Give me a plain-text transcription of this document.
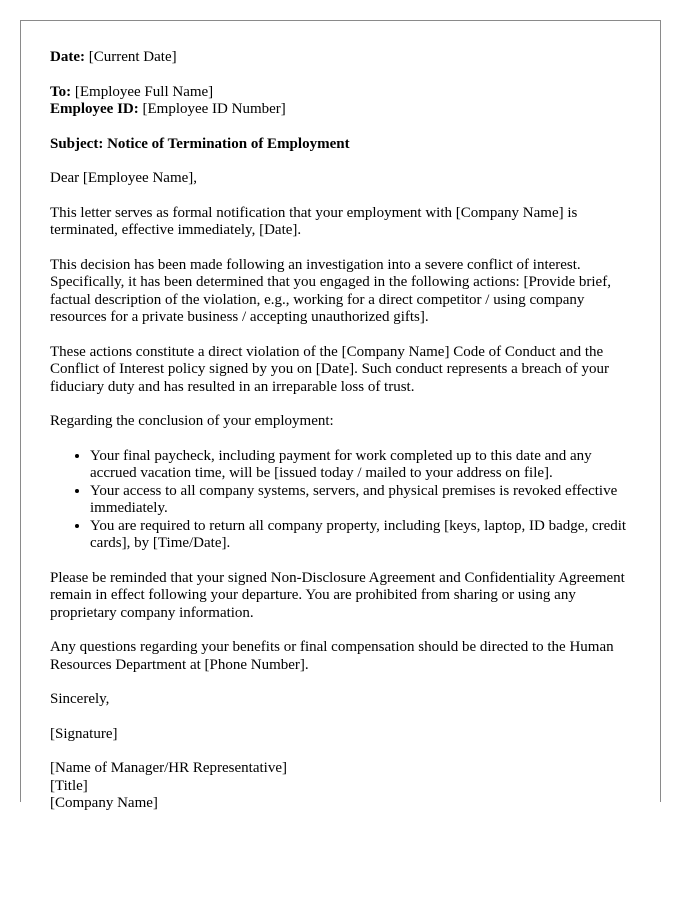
Date: [Current Date]
To: [Employee Full Name]
Employee ID: [Employee ID Number]
Subject: Notice of Termination of Employment
Dear [Employee Name],
This letter serves as formal notification that your employment with [Company Name] is terminated, effective immediately, [Date].
This decision has been made following an investigation into a severe conflict of interest. Specifically, it has been determined that you engaged in the following actions: [Provide brief, factual description of the violation, e.g., working for a direct competitor / using company resources for a private business / accepting unauthorized gifts].
These actions constitute a direct violation of the [Company Name] Code of Conduct and the Conflict of Interest policy signed by you on [Date]. Such conduct represents a breach of your fiduciary duty and has resulted in an irreparable loss of trust.
Regarding the conclusion of your employment:
• Your final paycheck, including payment for work completed up to this date and any accrued vacation time, will be [issued today / mailed to your address on file].
• Your access to all company systems, servers, and physical premises is revoked effective immediately.
• You are required to return all company property, including [keys, laptop, ID badge, credit cards], by [Time/Date].
Please be reminded that your signed Non-Disclosure Agreement and Confidentiality Agreement remain in effect following your departure. You are prohibited from sharing or using any proprietary company information.
Any questions regarding your benefits or final compensation should be directed to the Human Resources Department at [Phone Number].
Sincerely,
[Signature]
[Name of Manager/HR Representative]
[Title]
[Company Name]
